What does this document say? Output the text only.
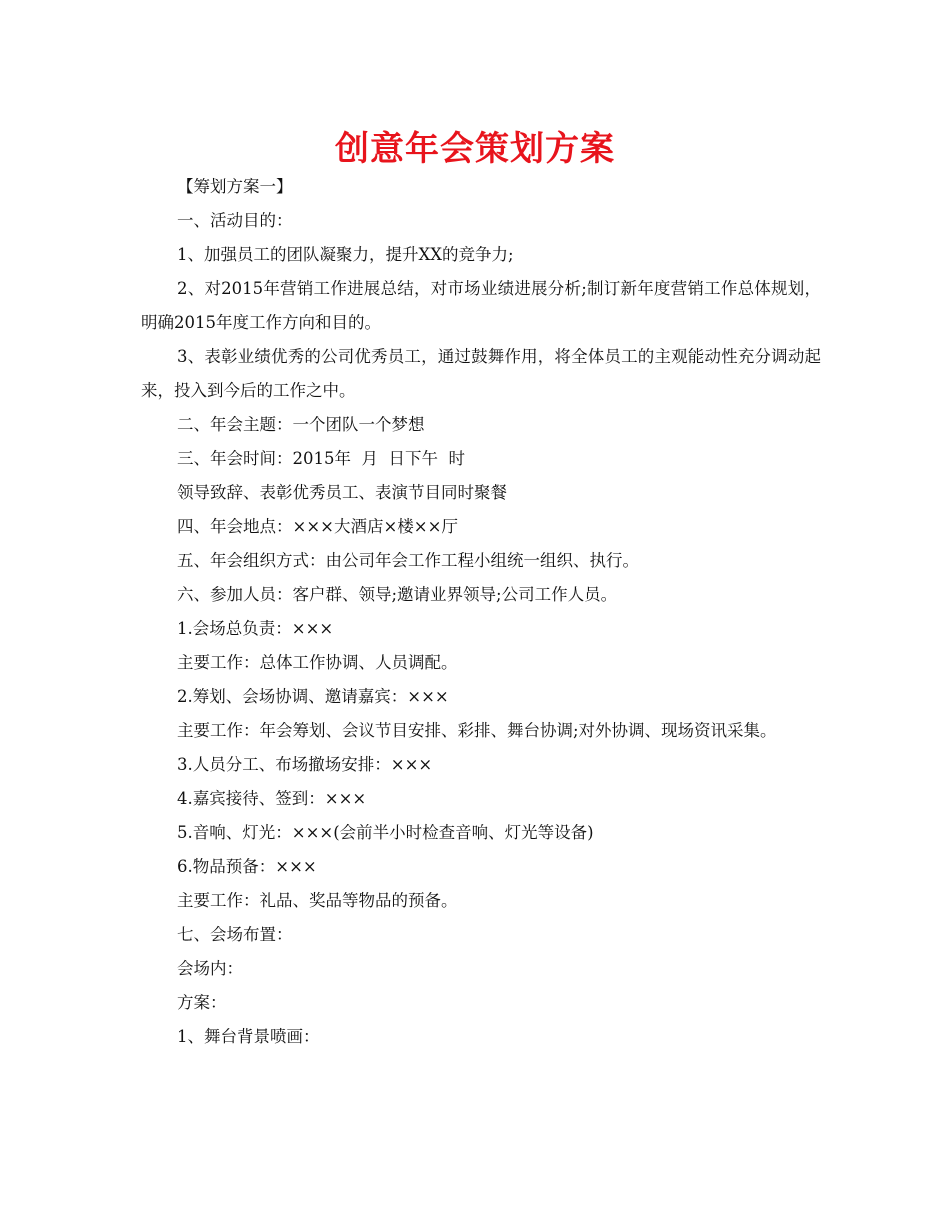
创意年会策划方案

【筹划方案一】

一、活动目的：

1、加强员工的团队凝聚力，提升XX的竞争力;

2、对2015年营销工作进展总结，对市场业绩进展分析;制订新年度营销工作总体规划，明确2015年度工作方向和目的。

3、表彰业绩优秀的公司优秀员工，通过鼓舞作用，将全体员工的主观能动性充分调动起来，投入到今后的工作之中。

二、年会主题：一个团队一个梦想

三、年会时间：2015年  月  日下午  时

领导致辞、表彰优秀员工、表演节目同时聚餐

四、年会地点：×××大酒店×楼××厅

五、年会组织方式：由公司年会工作工程小组统一组织、执行。

六、参加人员：客户群、领导;邀请业界领导;公司工作人员。

1.会场总负责：×××

主要工作：总体工作协调、人员调配。

2.筹划、会场协调、邀请嘉宾：×××

主要工作：年会筹划、会议节目安排、彩排、舞台协调;对外协调、现场资讯采集。

3.人员分工、布场撤场安排：×××

4.嘉宾接待、签到：×××

5.音响、灯光：×××(会前半小时检查音响、灯光等设备)

6.物品预备：×××

主要工作：礼品、奖品等物品的预备。

七、会场布置：

会场内：

方案：

1、舞台背景喷画：
